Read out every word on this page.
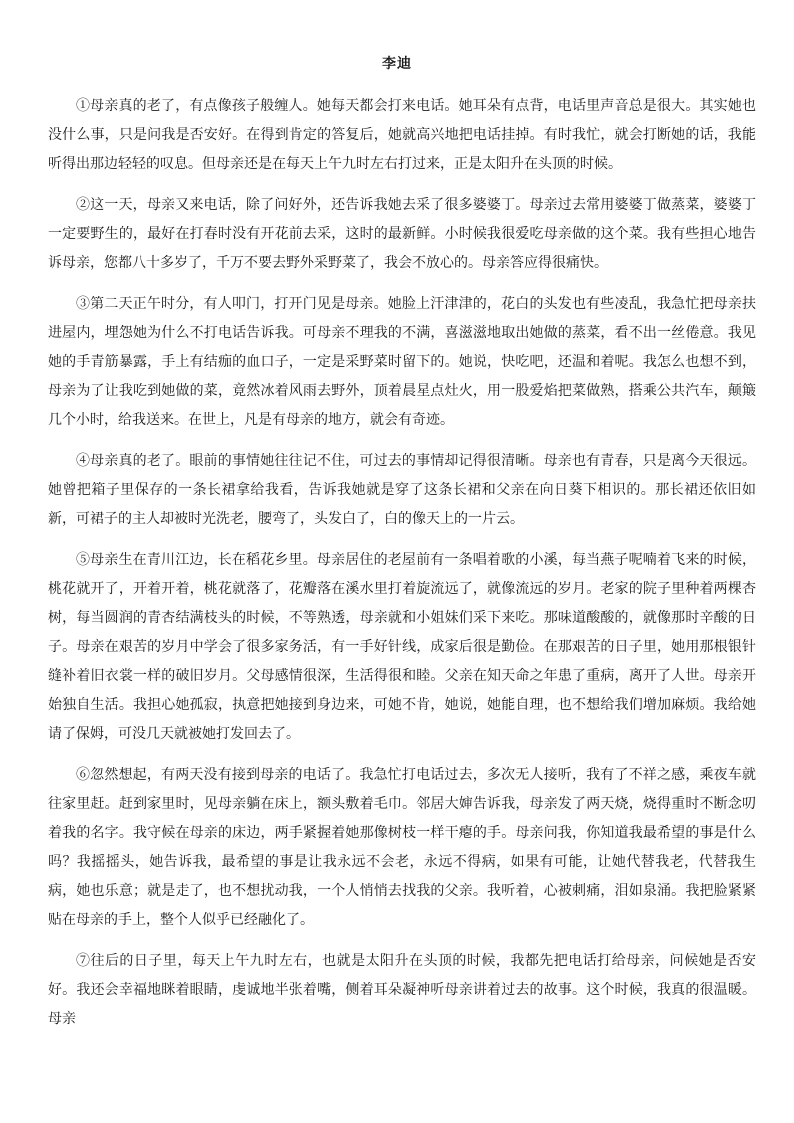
李迪

①母亲真的老了，有点像孩子般缠人。她每天都会打来电话。她耳朵有点背，电话里声音总是很大。其实她也没什么事，只是问我是否安好。在得到肯定的答复后，她就高兴地把电话挂掉。有时我忙，就会打断她的话，我能听得出那边轻轻的叹息。但母亲还是在每天上午九时左右打过来，正是太阳升在头顶的时候。

②这一天，母亲又来电话，除了问好外，还告诉我她去采了很多婆婆丁。母亲过去常用婆婆丁做蒸菜，婆婆丁一定要野生的，最好在打春时没有开花前去采，这时的最新鲜。小时候我很爱吃母亲做的这个菜。我有些担心地告诉母亲，您都八十多岁了，千万不要去野外采野菜了，我会不放心的。母亲答应得很痛快。

③第二天正午时分，有人叩门，打开门见是母亲。她脸上汗津津的，花白的头发也有些凌乱，我急忙把母亲扶进屋内，埋怨她为什么不打电话告诉我。可母亲不理我的不满，喜滋滋地取出她做的蒸菜，看不出一丝倦意。我见她的手青筋暴露，手上有结痂的血口子，一定是采野菜时留下的。她说，快吃吧，还温和着呢。我怎么也想不到，母亲为了让我吃到她做的菜，竟然冰着风雨去野外，顶着晨星点灶火，用一股爱焰把菜做熟，搭乘公共汽车，颠簸几个小时，给我送来。在世上，凡是有母亲的地方，就会有奇迹。

④母亲真的老了。眼前的事情她往往记不住，可过去的事情却记得很清晰。母亲也有青春，只是离今天很远。她曾把箱子里保存的一条长裙拿给我看，告诉我她就是穿了这条长裙和父亲在向日葵下相识的。那长裙还依旧如新，可裙子的主人却被时光洗老，腰弯了，头发白了，白的像天上的一片云。

⑤母亲生在青川江边，长在稻花乡里。母亲居住的老屋前有一条唱着歌的小溪，每当燕子呢喃着飞来的时候，桃花就开了，开着开着，桃花就落了，花瓣落在溪水里打着旋流远了，就像流远的岁月。老家的院子里种着两棵杏树，每当圆润的青杏结满枝头的时候，不等熟透，母亲就和小姐妹们采下来吃。那味道酸酸的，就像那时辛酸的日子。母亲在艰苦的岁月中学会了很多家务活，有一手好针线，成家后很是勤俭。在那艰苦的日子里，她用那根银针缝补着旧衣裳一样的破旧岁月。父母感情很深，生活得很和睦。父亲在知天命之年患了重病，离开了人世。母亲开始独自生活。我担心她孤寂，执意把她接到身边来，可她不肯，她说，她能自理，也不想给我们增加麻烦。我给她请了保姆，可没几天就被她打发回去了。

⑥忽然想起，有两天没有接到母亲的电话了。我急忙打电话过去，多次无人接听，我有了不祥之感，乘夜车就往家里赶。赶到家里时，见母亲躺在床上，额头敷着毛巾。邻居大婶告诉我，母亲发了两天烧，烧得重时不断念叨着我的名字。我守候在母亲的床边，两手紧握着她那像树枝一样干瘪的手。母亲问我，你知道我最希望的事是什么吗？我摇摇头，她告诉我，最希望的事是让我永远不会老，永远不得病，如果有可能，让她代替我老，代替我生病，她也乐意；就是走了，也不想扰动我，一个人悄悄去找我的父亲。我听着，心被刺痛，泪如泉涌。我把脸紧紧贴在母亲的手上，整个人似乎已经融化了。

⑦往后的日子里，每天上午九时左右，也就是太阳升在头顶的时候，我都先把电话打给母亲，问候她是否安好。我还会幸福地眯着眼睛，虔诚地半张着嘴，侧着耳朵凝神听母亲讲着过去的故事。这个时候，我真的很温暖。母亲
